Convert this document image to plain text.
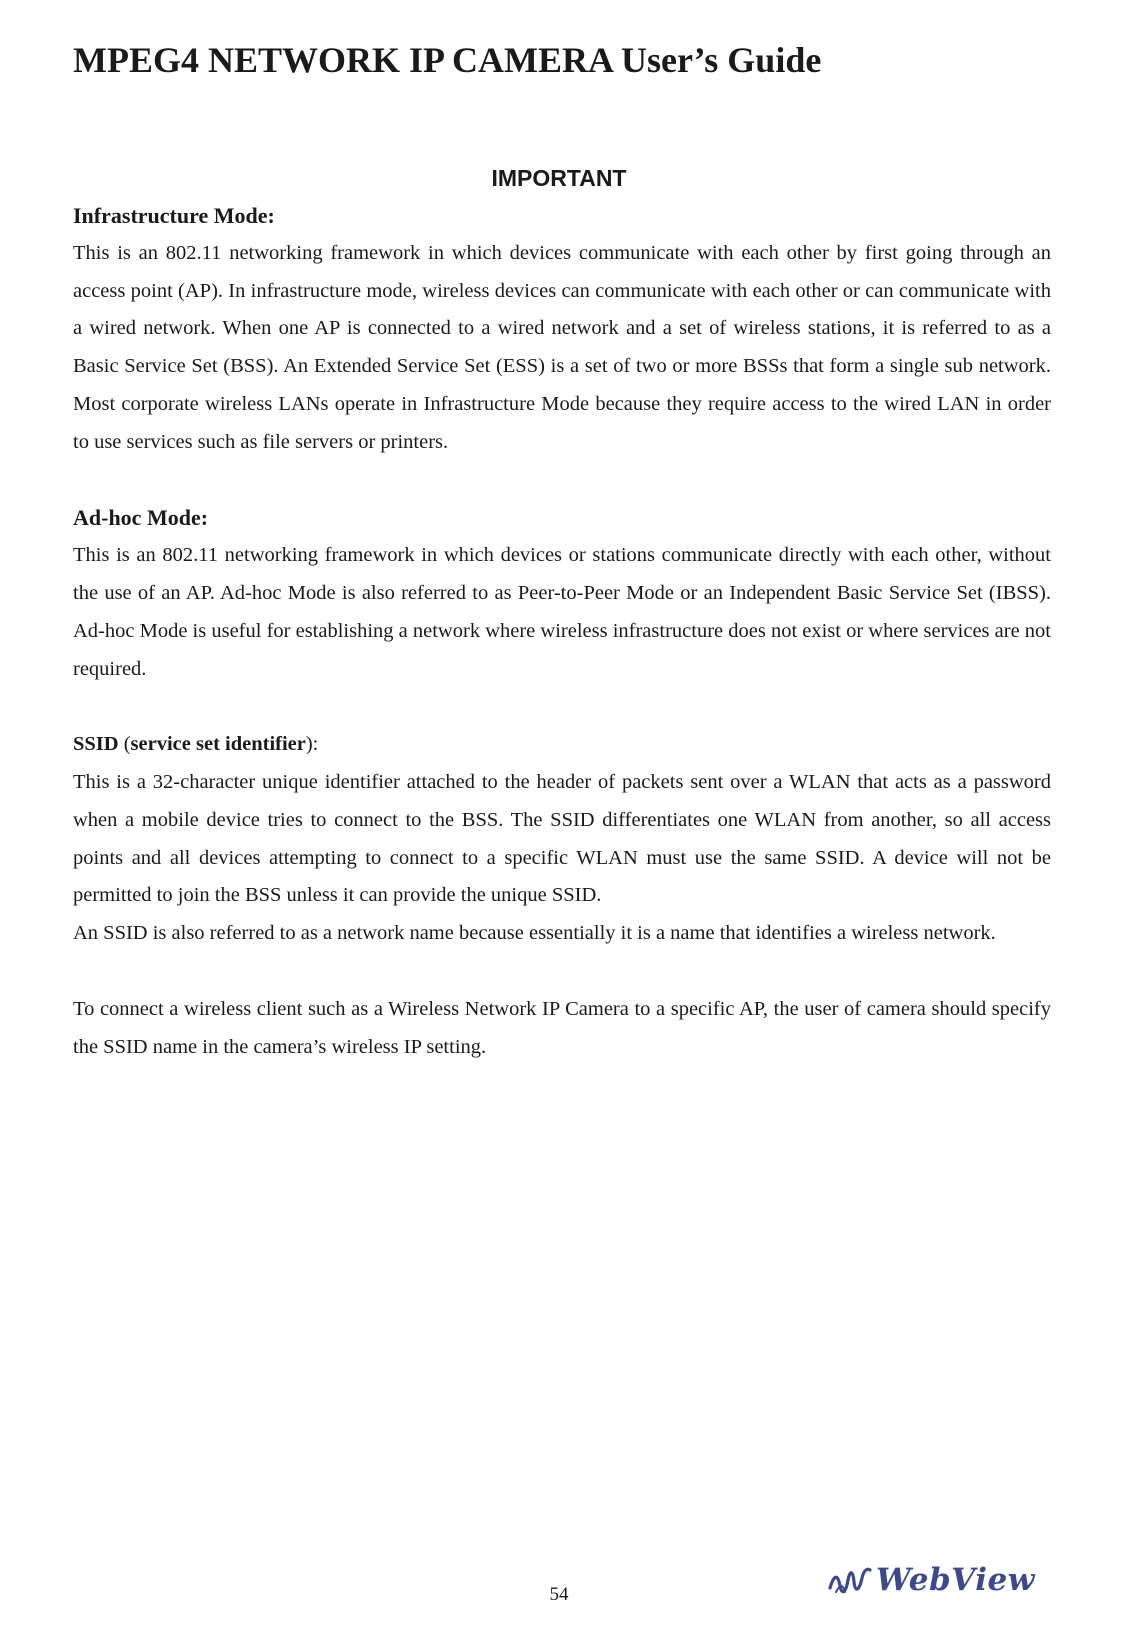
MPEG4 NETWORK IP CAMERA User’s Guide
IMPORTANT
Infrastructure Mode:

This is an 802.11 networking framework in which devices communicate with each other by first going through an access point (AP). In infrastructure mode, wireless devices can communicate with each other or can communicate with a wired network. When one AP is connected to a wired network and a set of wireless stations, it is referred to as a Basic Service Set (BSS). An Extended Service Set (ESS) is a set of two or more BSSs that form a single sub network. Most corporate wireless LANs operate in Infrastructure Mode because they require access to the wired LAN in order to use services such as file servers or printers.

Ad-hoc Mode:

This is an 802.11 networking framework in which devices or stations communicate directly with each other, without the use of an AP. Ad-hoc Mode is also referred to as Peer-to-Peer Mode or an Independent Basic Service Set (IBSS). Ad-hoc Mode is useful for establishing a network where wireless infrastructure does not exist or where services are not required.

SSID (service set identifier):

This is a 32-character unique identifier attached to the header of packets sent over a WLAN that acts as a password when a mobile device tries to connect to the BSS. The SSID differentiates one WLAN from another, so all access points and all devices attempting to connect to a specific WLAN must use the same SSID. A device will not be permitted to join the BSS unless it can provide the unique SSID.

An SSID is also referred to as a network name because essentially it is a name that identifies a wireless network.

To connect a wireless client such as a Wireless Network IP Camera to a specific AP, the user of camera should specify the SSID name in the camera’s wireless IP setting.

54	WebView
